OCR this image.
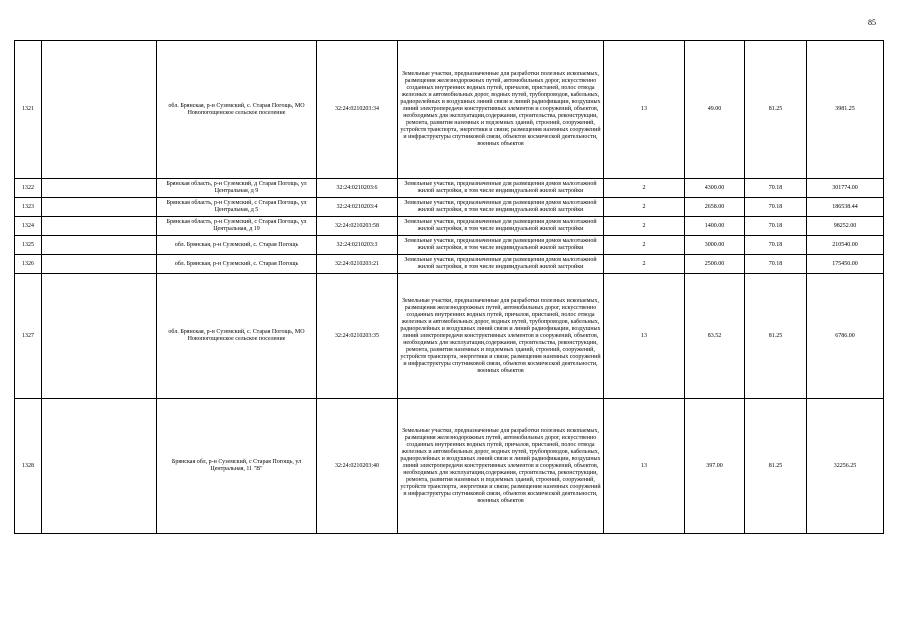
85
1321		обл. Брянская, р-н Суземский, с. Старая Погощь, МО Новопогощенское сельское поселение	32:24:0210203:34	Земельные участки, предназначенные для разработки полезных ископаемых, размещения железнодорожных путей, автомобильных дорог, искусственно созданных внутренних водных путей, причалов, пристаней, полос отвода железных и автомобильных дорог, водных путей, трубопроводов, кабельных, радиорелейных и воздушных линий связи и линий радиофикации, воздушных линий электропередачи конструктивных элементов и сооружений, объектов, необходимых для эксплуатации,содержания, строительства, реконструкции, ремонта, развития наземных и подземных зданий, строений, сооружений, устройств транспорта, энергетики и связи; размещения наземных сооружений и инфраструктуры спутниковой связи, объектов космической деятельности, военных объектов	13	49.00	81.25	3981.25
1322		Брянская область, р-н Суземский, д Старая Погощь, ул Центральная, д 9	32:24:0210203:6	Земельные участки, предназначенные для размещения домов малоэтажной жилой застройки, в том числе индивидуальной жилой застройки	2	4300.00	70.18	301774.00
1323		Брянская область, р-н Суземский, с Старая Погощь, ул Центральная, д 5	32:24:0210203:4	Земельные участки, предназначенные для размещения домов малоэтажной жилой застройки, в том числе индивидуальной жилой застройки	2	2658.00	70.18	186538.44
1324		Брянская область, р-н Суземский, с Старая Погощь, ул Центральная, д 19	32:24:0210203:58	Земельные участки, предназначенные для размещения домов малоэтажной жилой застройки, в том числе индивидуальной жилой застройки	2	1400.00	70.18	98252.00
1325		обл. Брянская, р-н Суземский, с. Старая Погощь	32:24:0210203:3	Земельные участки, предназначенные для размещения домов малоэтажной жилой застройки, в том числе индивидуальной жилой застройки	2	3000.00	70.18	210540.00
1326		обл. Брянская, р-н Суземский, с. Старая Погощь	32:24:0210203:21	Земельные участки, предназначенные для размещения домов малоэтажной жилой застройки, в том числе индивидуальной жилой застройки	2	2500.00	70.18	175450.00
1327		обл. Брянская, р-н Суземский, с. Старая Погощь, МО Новопогощенское сельское поселение	32:24:0210203:35	Земельные участки, предназначенные для разработки полезных ископаемых, размещения железнодорожных путей, автомобильных дорог, искусственно созданных внутренних водных путей, причалов, пристаней, полос отвода железных и автомобильных дорог, водных путей, трубопроводов, кабельных, радиорелейных и воздушных линий связи и линий радиофикации, воздушных линий электропередачи конструктивных элементов и сооружений, объектов, необходимых для эксплуатации,содержания, строительства, реконструкции, ремонта, развития наземных и подземных зданий, строений, сооружений, устройств транспорта, энергетики и связи; размещения наземных сооружений и инфраструктуры спутниковой связи, объектов космической деятельности, военных объектов	13	83.52	81.25	6786.00
1328		Брянская обл, р-н Суземский, с Старая Погощь, ул Центральная, 11 "В"	32:24:0210203:40	Земельные участки, предназначенные для разработки полезных ископаемых, размещения железнодорожных путей, автомобильных дорог, искусственно созданных внутренних водных путей, причалов, пристаней, полос отвода железных и автомобильных дорог, водных путей, трубопроводов, кабельных, радиорелейных и воздушных линий связи и линий радиофикации, воздушных линий электропередачи конструктивных элементов и сооружений, объектов, необходимых для эксплуатации,содержания, строительства, реконструкции, ремонта, развития наземных и подземных зданий, строений, сооружений, устройств транспорта, энергетики и связи; размещения наземных сооружений и инфраструктуры спутниковой связи, объектов космической деятельности, военных объектов	13	397.00	81.25	32256.25
